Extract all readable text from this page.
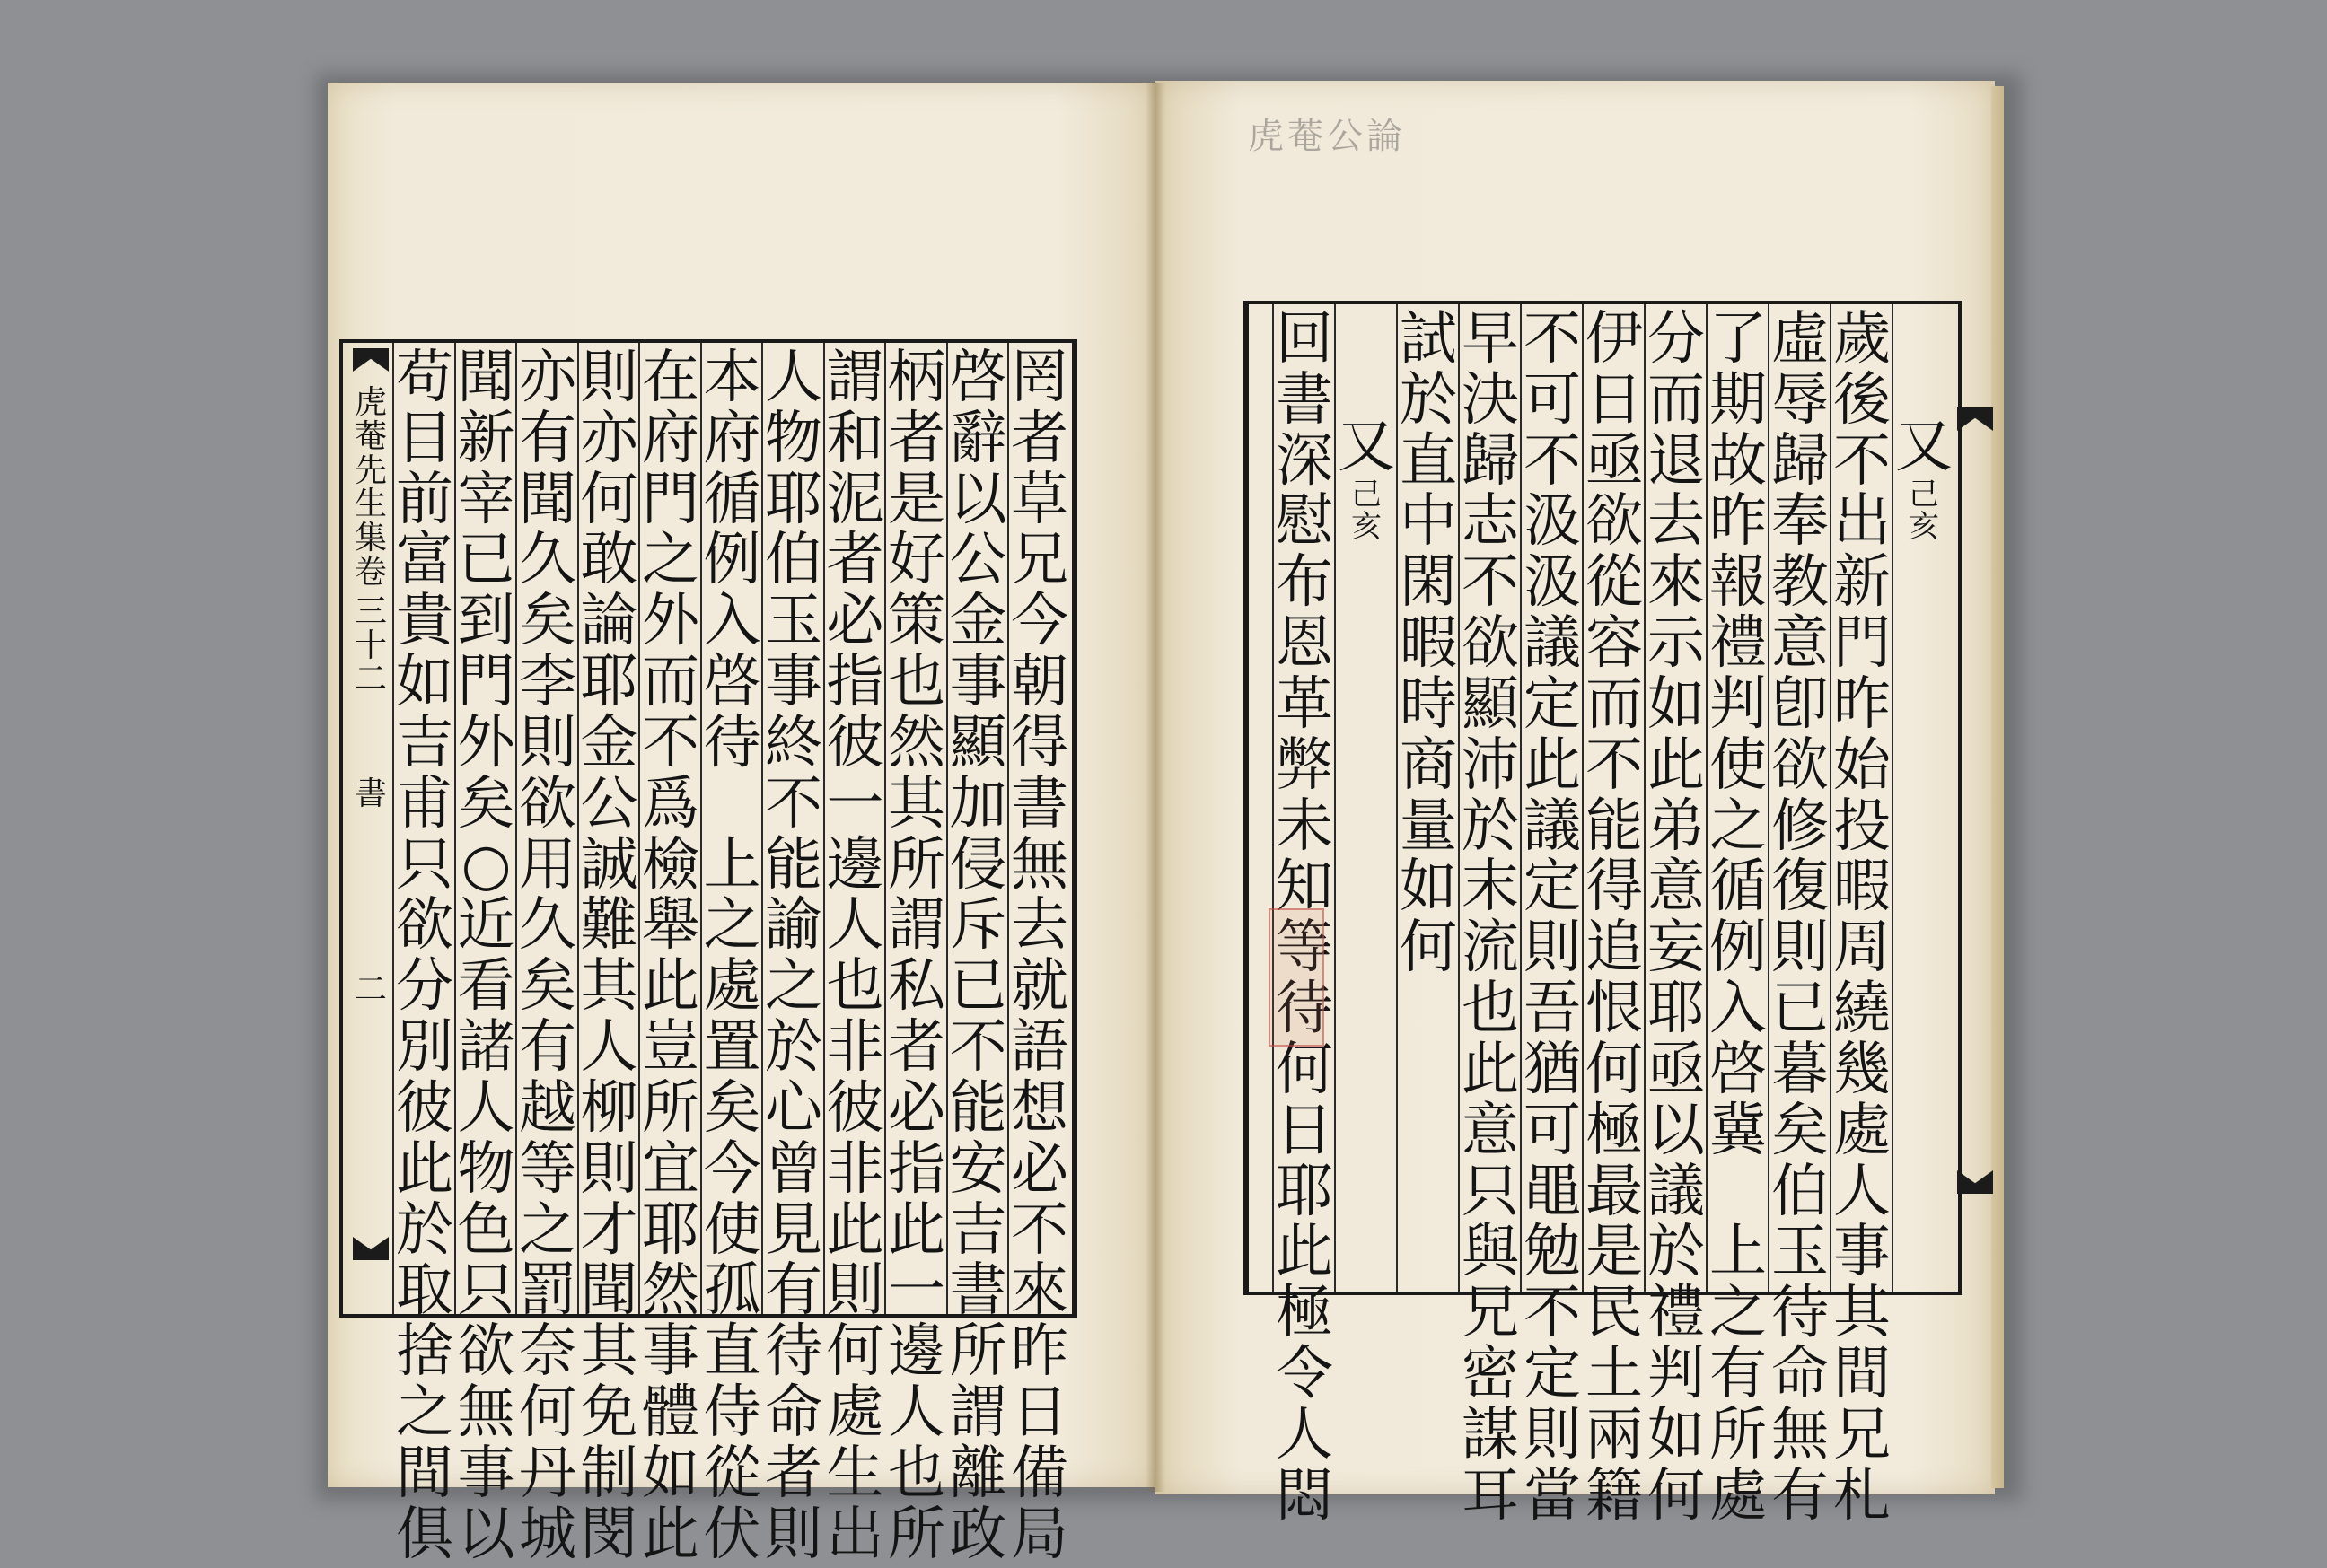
虎菴公論
虎
菴
先
生
集
卷
三
十
二
書
二
罔
者
草
兄
今
朝
得
書
無
去
就
語
想
必
不
來
昨
日
備
局
啓
辭
以
公
金
事
顯
加
侵
斥
已
不
能
安
吉
書
所
謂
離
政
柄
者
是
好
策
也
然
其
所
謂
私
者
必
指
此
一
邊
人
也
所
謂
和
泥
者
必
指
彼
一
邊
人
也
非
彼
非
此
則
何
處
生
出
人
物
耶
伯
玉
事
終
不
能
諭
之
於
心
曾
見
有
待
命
者
則
本
府
循
例
入
啓
待

上
之
處
置
矣
今
使
孤
直
侍
從
伏
在
府
門
之
外
而
不
爲
檢
舉
此
豈
所
宜
耶
然
事
體
如
此
則
亦
何
敢
論
耶
金
公
誠
難
其
人
柳
則
才
聞
其
免
制
閔
亦
有
聞
久
矣
李
則
欲
用
久
矣
有
越
等
之
罰
奈
何
丹
城
聞
新
宰
已
到
門
外
矣
○
近
看
諸
人
物
色
只
欲
無
事
以
苟
目
前
富
貴
如
吉
甫
只
欲
分
別
彼
此
於
取
捨
之
間
俱
又
己
亥
歲
後
不
出
新
門
昨
始
投
暇
周
繞
幾
處
人
事
其
間
兄
札
虛
辱
歸
奉
教
意
卽
欲
修
復
則
已
暮
矣
伯
玉
待
命
無
有
了
期
故
昨
報
禮
判
使
之
循
例
入
啓
冀

上
之
有
所
處
分
而
退
去
來
示
如
此
弟
意
妄
耶
亟
以
議
於
禮
判
如
何
伊
日
亟
欲
從
容
而
不
能
得
追
恨
何
極
最
是
民
土
兩
籍
不
可
不
汲
汲
議
定
此
議
定
則
吾
猶
可
黽
勉
不
定
則
當
早
決
歸
志
不
欲
顯
沛
於
末
流
也
此
意
只
與
兄
密
謀
耳
試
於
直
中
閑
暇
時
商
量
如
何
又
己
亥
回
書
深
慰
布
恩
革
弊
未
知
等
待
何
日
耶
此
極
令
人
悶
